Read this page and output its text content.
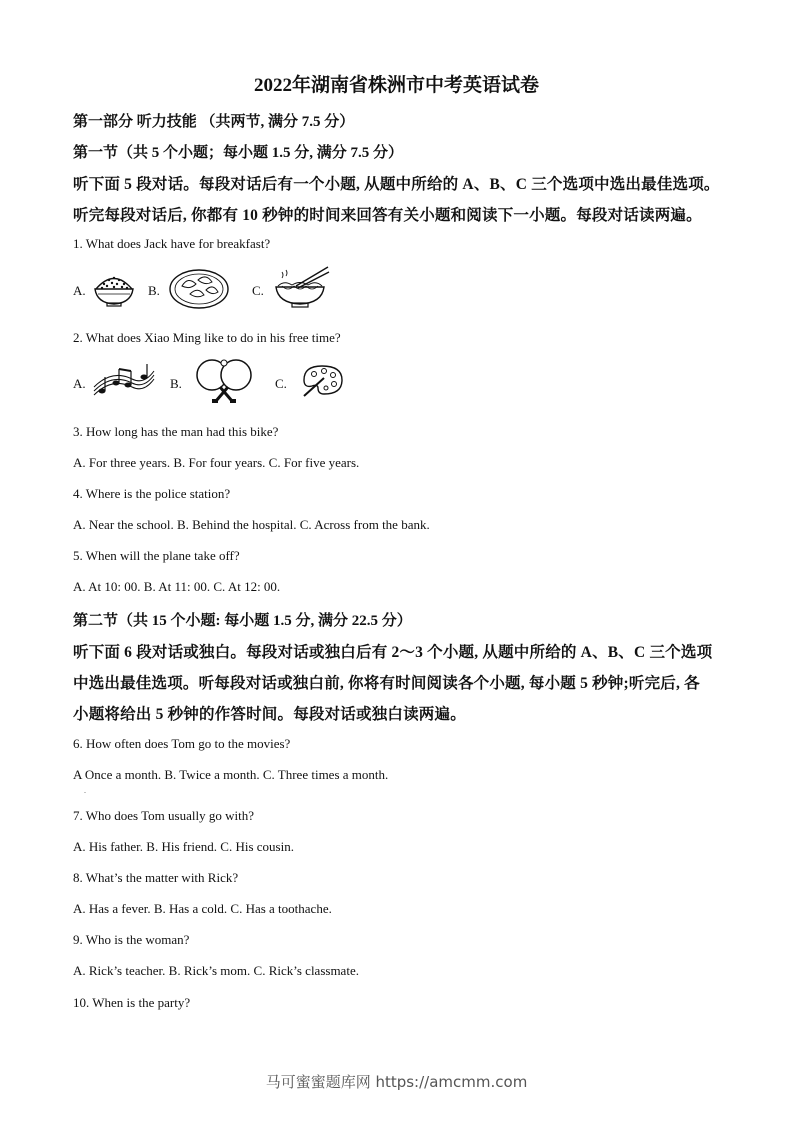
2022年湖南省株洲市中考英语试卷
第一部分 听力技能 （共两节, 满分 7.5 分）
第一节（共 5 个小题；每小题 1.5 分, 满分 7.5 分）
听下面 5 段对话。每段对话后有一个小题, 从题中所给的 A、B、C 三个选项中选出最佳选项。
听完每段对话后, 你都有 10 秒钟的时间来回答有关小题和阅读下一小题。每段对话读两遍。
1. What does Jack have for breakfast?
A.	B.	C.
2. What does Xiao Ming like to do in his free time?
A.	B.	C.
3. How long has the man had this bike?
A. For three years. B. For four years. C. For five years.
4. Where is the police station?
A. Near the school. B. Behind the hospital. C. Across from the bank.
5. When will the plane take off?
A. At 10: 00. B. At 11: 00. C. At 12: 00.
第二节（共 15 个小题: 每小题 1.5 分, 满分 22.5 分）
听下面 6 段对话或独白。每段对话或独白后有 2～3 个小题, 从题中所给的 A、B、C 三个选项
中选出最佳选项。听每段对话或独白前, 你将有时间阅读各个小题, 每小题 5 秒钟;听完后, 各
小题将给出 5 秒钟的作答时间。每段对话或独白读两遍。
6. How often does Tom go to the movies?
A Once a month. B. Twice a month. C. Three times a month.
.
7. Who does Tom usually go with?
A. His father. B. His friend. C. His cousin.
8. What’s the matter with Rick?
A. Has a fever. B. Has a cold. C. Has a toothache.
9. Who is the woman?
A. Rick’s teacher. B. Rick’s mom. C. Rick’s classmate.
10. When is the party?
马可蜜蜜题库网 https://amcmm.com
